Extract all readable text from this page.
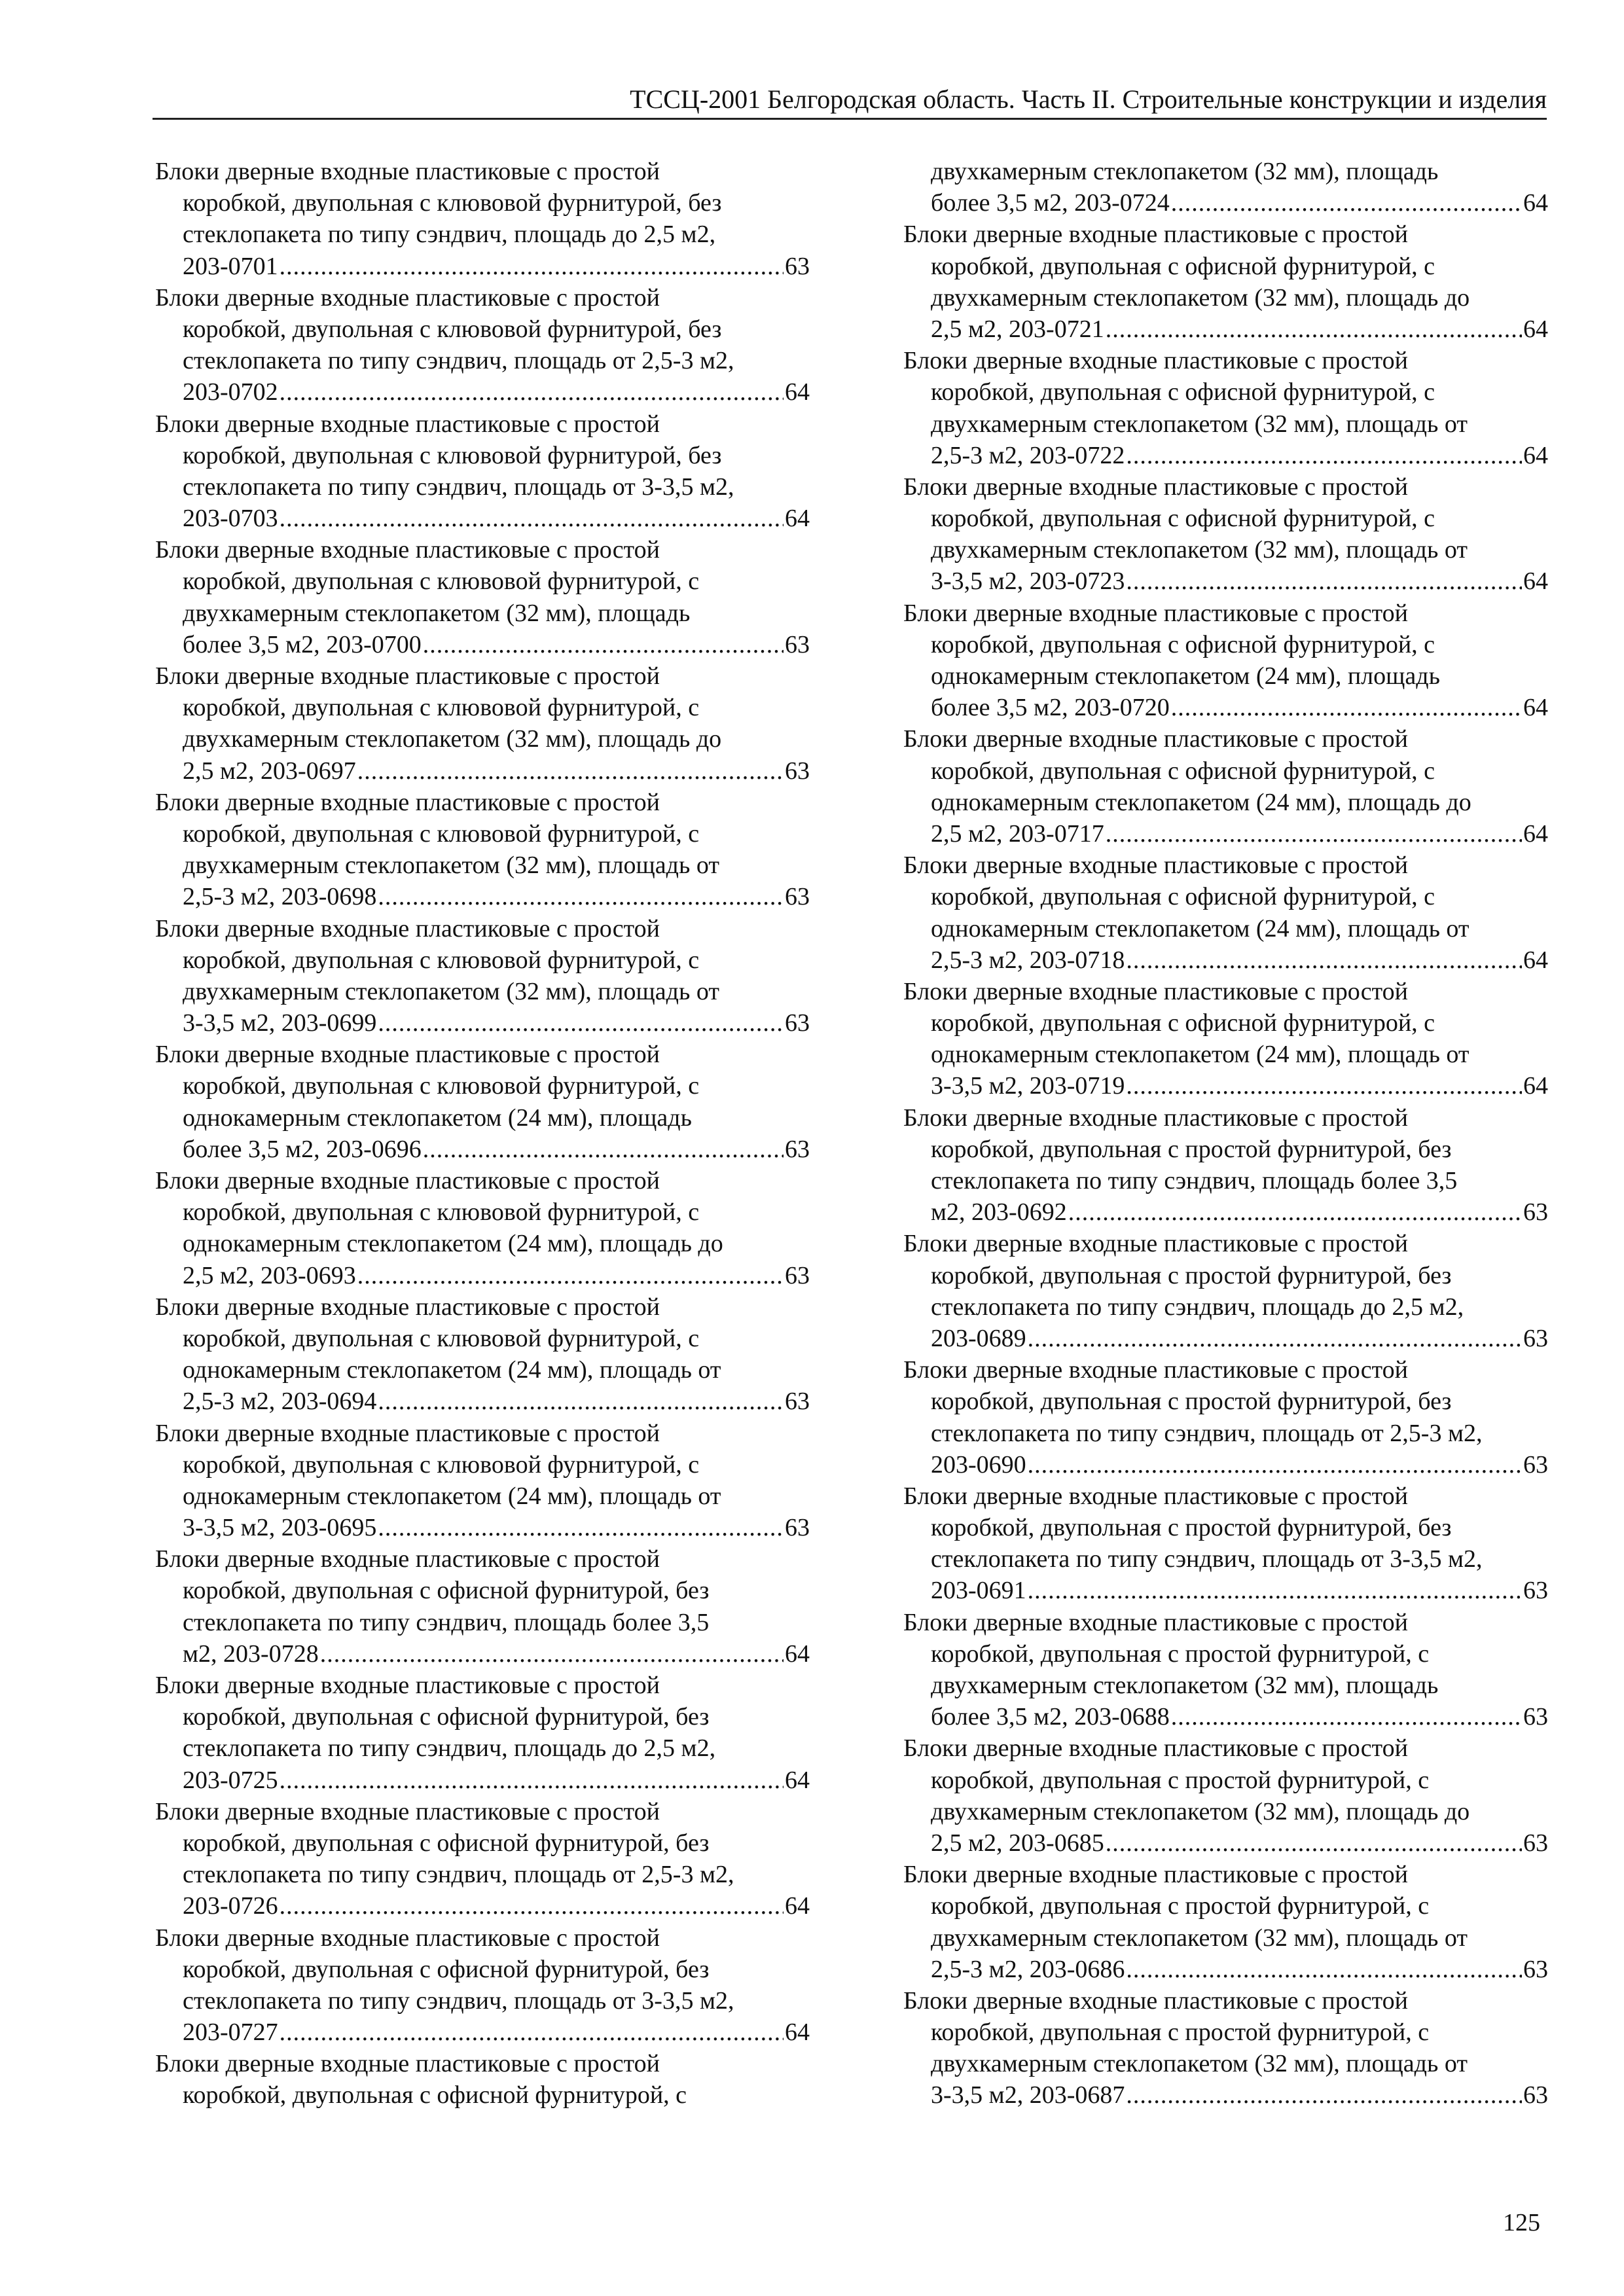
ТССЦ-2001 Белгородская область. Часть II. Строительные конструкции и изделия
Блоки дверные входные пластиковые с простой
коробкой, двупольная с клювовой фурнитурой, без
стеклопакета по типу сэндвич, площадь до 2,5 м2,
203-0701 .....	63
Блоки дверные входные пластиковые с простой
коробкой, двупольная с клювовой фурнитурой, без
стеклопакета по типу сэндвич, площадь от 2,5-3 м2,
203-0702 .....	64
Блоки дверные входные пластиковые с простой
коробкой, двупольная с клювовой фурнитурой, без
стеклопакета по типу сэндвич, площадь от 3-3,5 м2,
203-0703 .....	64
Блоки дверные входные пластиковые с простой
коробкой, двупольная с клювовой фурнитурой, с
двухкамерным стеклопакетом (32 мм), площадь
более 3,5 м2, 203-0700 .....	63
Блоки дверные входные пластиковые с простой
коробкой, двупольная с клювовой фурнитурой, с
двухкамерным стеклопакетом (32 мм), площадь до
2,5 м2, 203-0697 .....	63
Блоки дверные входные пластиковые с простой
коробкой, двупольная с клювовой фурнитурой, с
двухкамерным стеклопакетом (32 мм), площадь от
2,5-3 м2, 203-0698 .....	63
Блоки дверные входные пластиковые с простой
коробкой, двупольная с клювовой фурнитурой, с
двухкамерным стеклопакетом (32 мм), площадь от
3-3,5 м2, 203-0699 .....	63
Блоки дверные входные пластиковые с простой
коробкой, двупольная с клювовой фурнитурой, с
однокамерным стеклопакетом (24 мм), площадь
более 3,5 м2, 203-0696 .....	63
Блоки дверные входные пластиковые с простой
коробкой, двупольная с клювовой фурнитурой, с
однокамерным стеклопакетом (24 мм), площадь до
2,5 м2, 203-0693 .....	63
Блоки дверные входные пластиковые с простой
коробкой, двупольная с клювовой фурнитурой, с
однокамерным стеклопакетом (24 мм), площадь от
2,5-3 м2, 203-0694 .....	63
Блоки дверные входные пластиковые с простой
коробкой, двупольная с клювовой фурнитурой, с
однокамерным стеклопакетом (24 мм), площадь от
3-3,5 м2, 203-0695 .....	63
Блоки дверные входные пластиковые с простой
коробкой, двупольная с офисной фурнитурой, без
стеклопакета по типу сэндвич, площадь более 3,5
м2, 203-0728 .....	64
Блоки дверные входные пластиковые с простой
коробкой, двупольная с офисной фурнитурой, без
стеклопакета по типу сэндвич, площадь до 2,5 м2,
203-0725 .....	64
Блоки дверные входные пластиковые с простой
коробкой, двупольная с офисной фурнитурой, без
стеклопакета по типу сэндвич, площадь от 2,5-3 м2,
203-0726 .....	64
Блоки дверные входные пластиковые с простой
коробкой, двупольная с офисной фурнитурой, без
стеклопакета по типу сэндвич, площадь от 3-3,5 м2,
203-0727 .....	64
Блоки дверные входные пластиковые с простой
коробкой, двупольная с офисной фурнитурой, с
двухкамерным стеклопакетом (32 мм), площадь
более 3,5 м2, 203-0724 .....	64
Блоки дверные входные пластиковые с простой
коробкой, двупольная с офисной фурнитурой, с
двухкамерным стеклопакетом (32 мм), площадь до
2,5 м2, 203-0721 .....	64
Блоки дверные входные пластиковые с простой
коробкой, двупольная с офисной фурнитурой, с
двухкамерным стеклопакетом (32 мм), площадь от
2,5-3 м2, 203-0722 .....	64
Блоки дверные входные пластиковые с простой
коробкой, двупольная с офисной фурнитурой, с
двухкамерным стеклопакетом (32 мм), площадь от
3-3,5 м2, 203-0723 .....	64
Блоки дверные входные пластиковые с простой
коробкой, двупольная с офисной фурнитурой, с
однокамерным стеклопакетом (24 мм), площадь
более 3,5 м2, 203-0720 .....	64
Блоки дверные входные пластиковые с простой
коробкой, двупольная с офисной фурнитурой, с
однокамерным стеклопакетом (24 мм), площадь до
2,5 м2, 203-0717 .....	64
Блоки дверные входные пластиковые с простой
коробкой, двупольная с офисной фурнитурой, с
однокамерным стеклопакетом (24 мм), площадь от
2,5-3 м2, 203-0718 .....	64
Блоки дверные входные пластиковые с простой
коробкой, двупольная с офисной фурнитурой, с
однокамерным стеклопакетом (24 мм), площадь от
3-3,5 м2, 203-0719 .....	64
Блоки дверные входные пластиковые с простой
коробкой, двупольная с простой фурнитурой, без
стеклопакета по типу сэндвич, площадь более 3,5
м2, 203-0692 .....	63
Блоки дверные входные пластиковые с простой
коробкой, двупольная с простой фурнитурой, без
стеклопакета по типу сэндвич, площадь до 2,5 м2,
203-0689 .....	63
Блоки дверные входные пластиковые с простой
коробкой, двупольная с простой фурнитурой, без
стеклопакета по типу сэндвич, площадь от 2,5-3 м2,
203-0690 .....	63
Блоки дверные входные пластиковые с простой
коробкой, двупольная с простой фурнитурой, без
стеклопакета по типу сэндвич, площадь от 3-3,5 м2,
203-0691 .....	63
Блоки дверные входные пластиковые с простой
коробкой, двупольная с простой фурнитурой, с
двухкамерным стеклопакетом (32 мм), площадь
более 3,5 м2, 203-0688 .....	63
Блоки дверные входные пластиковые с простой
коробкой, двупольная с простой фурнитурой, с
двухкамерным стеклопакетом (32 мм), площадь до
2,5 м2, 203-0685 .....	63
Блоки дверные входные пластиковые с простой
коробкой, двупольная с простой фурнитурой, с
двухкамерным стеклопакетом (32 мм), площадь от
2,5-3 м2, 203-0686 .....	63
Блоки дверные входные пластиковые с простой
коробкой, двупольная с простой фурнитурой, с
двухкамерным стеклопакетом (32 мм), площадь от
3-3,5 м2, 203-0687 .....	63
125
